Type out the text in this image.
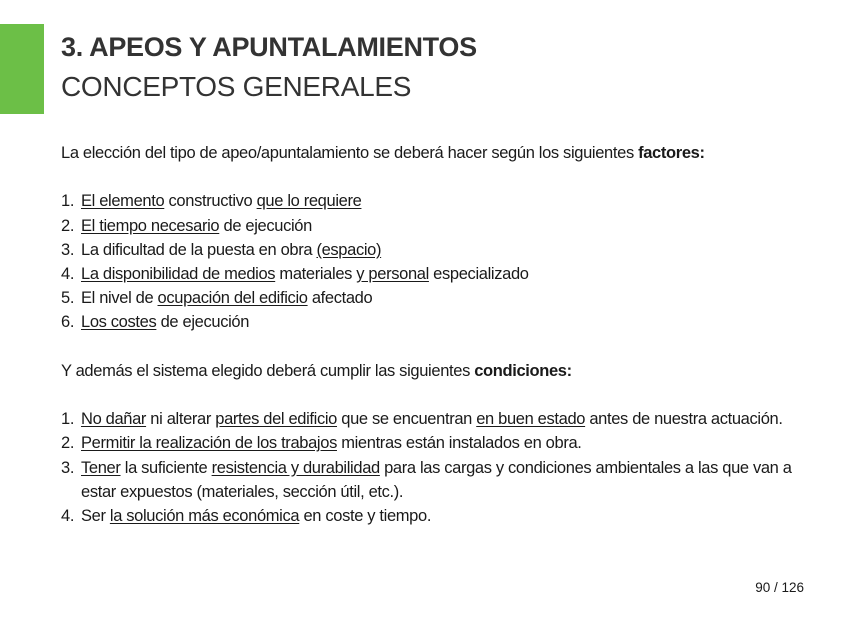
3. APEOS Y APUNTALAMIENTOS
CONCEPTOS GENERALES
La elección del tipo de apeo/apuntalamiento se deberá hacer según los siguientes factores:
1. El elemento constructivo que lo requiere
2. El tiempo necesario de ejecución
3. La dificultad de la puesta en obra (espacio)
4. La disponibilidad de medios materiales y personal especializado
5. El nivel de ocupación del edificio afectado
6. Los costes de ejecución
Y además el sistema elegido deberá cumplir las siguientes condiciones:
1. No dañar ni alterar partes del edificio que se encuentran en buen estado antes de nuestra actuación.
2. Permitir la realización de los trabajos mientras están instalados en obra.
3. Tener la suficiente resistencia y durabilidad para las cargas y condiciones ambientales a las que van a estar expuestos (materiales, sección útil, etc.).
4. Ser la solución más económica en coste y tiempo.
90 / 126
